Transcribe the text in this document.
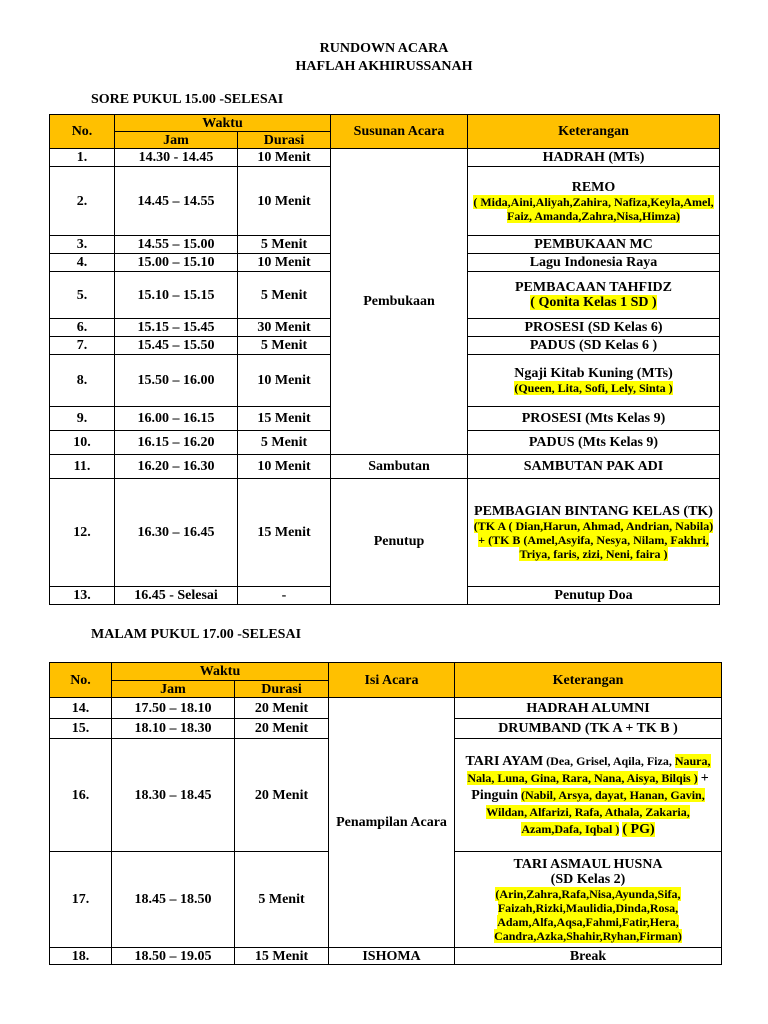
RUNDOWN ACARA
HAFLAH AKHIRUSSANAH
SORE PUKUL 15.00 -SELESAI
No.	Waktu		Susunan Acara	Keterangan
	Jam	Durasi		
1.	14.30 - 14.45	10 Menit	Pembukaan	HADRAH (MTs)
2.	14.45 – 14.55	10 Menit		REMO
( Mida,Aini,Aliyah,Zahira, Nafiza,Keyla,Amel, Faiz, Amanda,Zahra,Nisa,Himza)

3.	14.55 – 15.00	5 Menit		PEMBUKAAN MC
4.	15.00 – 15.10	10 Menit		Lagu Indonesia Raya
5.	15.10 – 15.15	5 Menit		PEMBACAAN TAHFIDZ
( Qonita Kelas 1 SD )

6.	15.15 – 15.45	30 Menit		PROSESI (SD Kelas 6)
7.	15.45 – 15.50	5 Menit		PADUS (SD Kelas 6 )
8.	15.50 – 16.00	10 Menit		Ngaji Kitab Kuning (MTs)
(Queen, Lita, Sofi, Lely, Sinta )

9.	16.00 – 16.15	15 Menit		PROSESI (Mts Kelas 9)
10.	16.15 – 16.20	5 Menit		PADUS (Mts Kelas 9)
11.	16.20 – 16.30	10 Menit	Sambutan	SAMBUTAN PAK ADI
12.	16.30 – 16.45	15 Menit	Penutup	PEMBAGIAN BINTANG KELAS (TK)
(TK A ( Dian,Harun, Ahmad, Andrian, Nabila) + (TK B (Amel,Asyifa, Nesya, Nilam, Fakhri, Triya, faris, zizi, Neni, faira )

13.	16.45 - Selesai	-		Penutup Doa
MALAM PUKUL 17.00 -SELESAI
No.	Waktu		Isi Acara	Keterangan
	Jam	Durasi		
14.	17.50 – 18.10	20 Menit	Penampilan Acara	HADRAH ALUMNI
15.	18.10 – 18.30	20 Menit		DRUMBAND (TK A + TK B )
16.	18.30 – 18.45	20 Menit		TARI AYAM (Dea, Grisel, Aqila, Fiza, Naura, Nala, Luna, Gina, Rara, Nana, Aisya, Bilqis ) + Pinguin (Nabil, Arsya, dayat, Hanan, Gavin, Wildan, Alfarizi, Rafa, Athala, Zakaria, Azam,Dafa, Iqbal ) ( PG)
17.	18.45 – 18.50	5 Menit		TARI ASMAUL HUSNA
(SD Kelas 2)
(Arin,Zahra,Rafa,Nisa,Ayunda,Sifa, Faizah,Rizki,Maulidia,Dinda,Rosa, Adam,Alfa,Aqsa,Fahmi,Fatir,Hera, Candra,Azka,Shahir,Ryhan,Firman)

18.	18.50 – 19.05	15 Menit	ISHOMA	Break
